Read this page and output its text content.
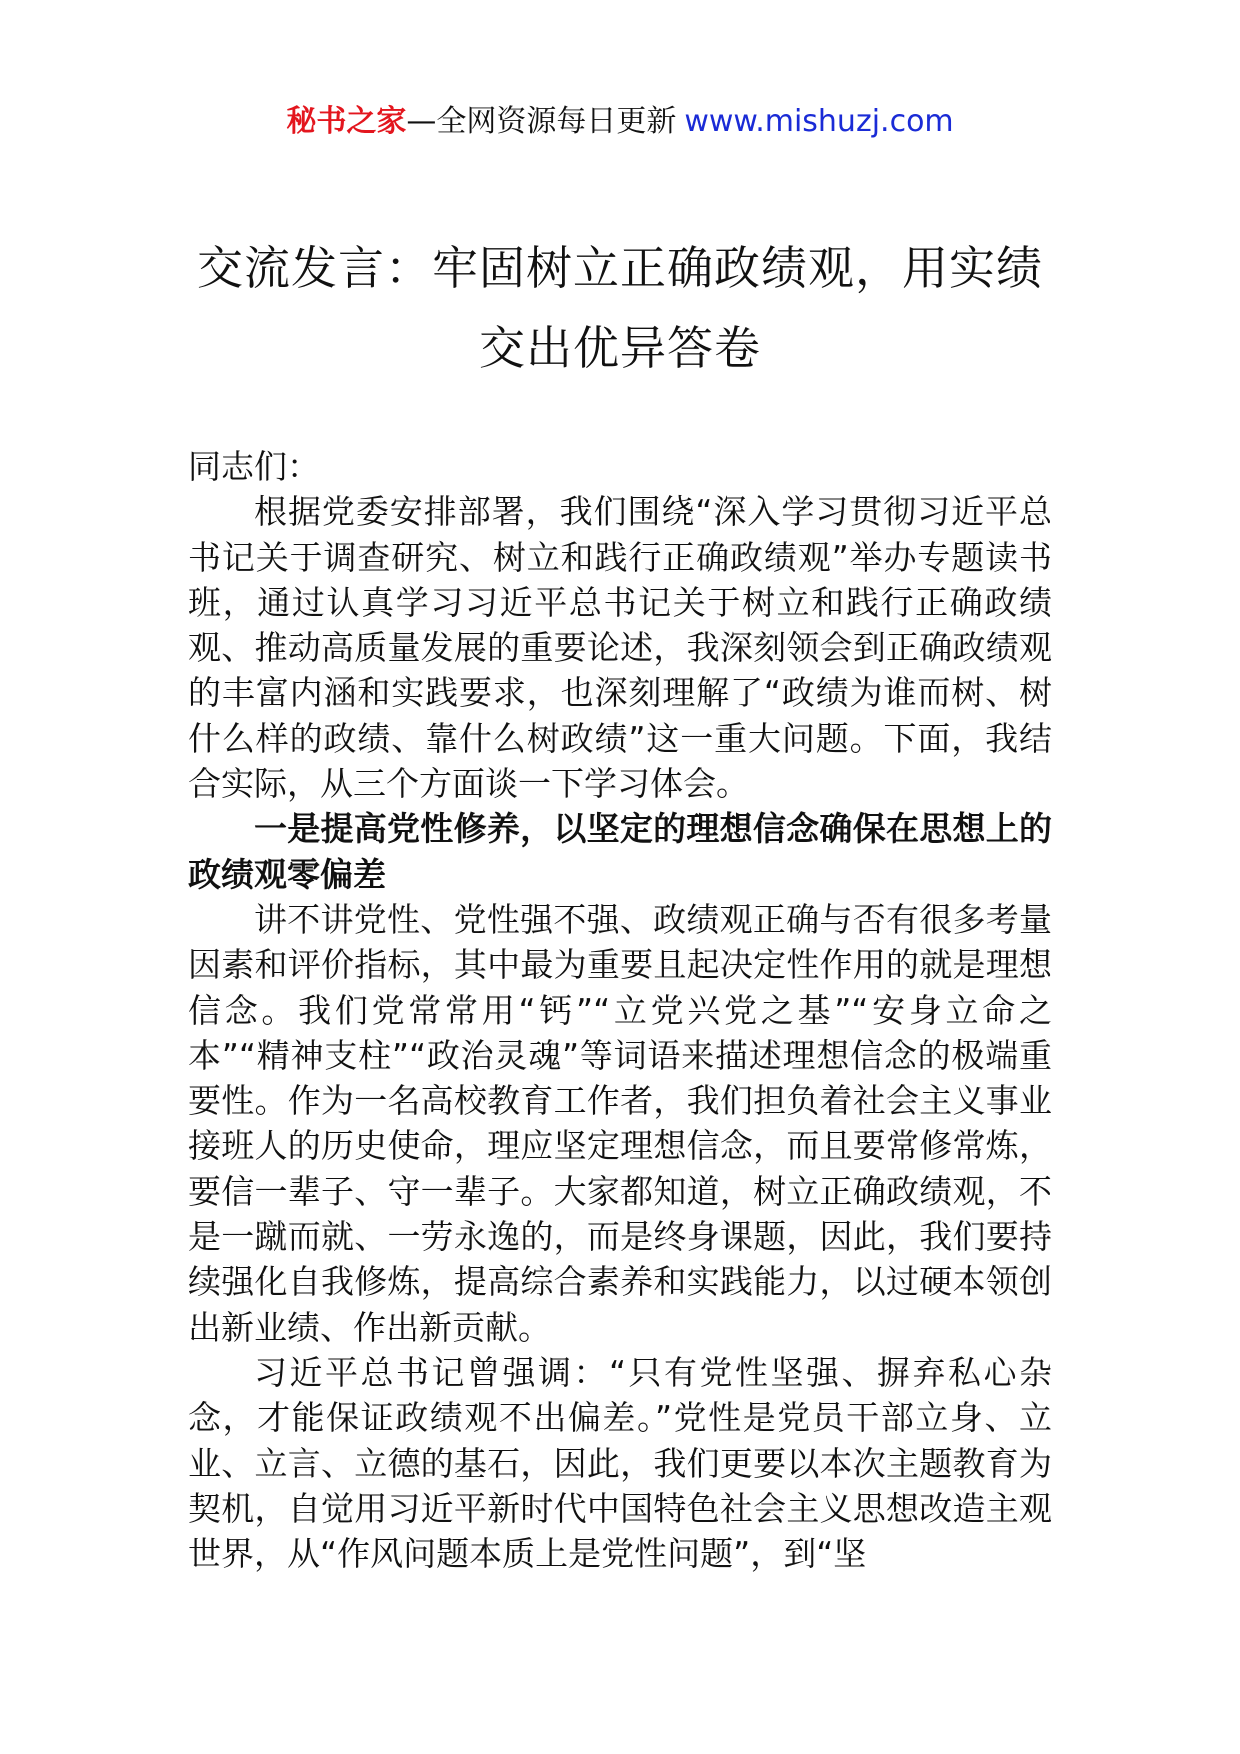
秘书之家—全网资源每日更新 www.mishuzj.com
交流发言：牢固树立正确政绩观，用实绩
交出优异答卷

同志们：

根据党委安排部署，我们围绕“深入学习贯彻习近平总书记关于调查研究、树立和践行正确政绩观”举办专题读书班，通过认真学习习近平总书记关于树立和践行正确政绩观、推动高质量发展的重要论述，我深刻领会到正确政绩观的丰富内涵和实践要求，也深刻理解了“政绩为谁而树、树什么样的政绩、靠什么树政绩”这一重大问题。下面，我结合实际，从三个方面谈一下学习体会。

一是提高党性修养，以坚定的理想信念确保在思想上的政绩观零偏差

讲不讲党性、党性强不强、政绩观正确与否有很多考量因素和评价指标，其中最为重要且起决定性作用的就是理想信念。我们党常常用“钙”“立党兴党之基”“安身立命之本”“精神支柱”“政治灵魂”等词语来描述理想信念的极端重要性。作为一名高校教育工作者，我们担负着社会主义事业接班人的历史使命，理应坚定理想信念，而且要常修常炼，要信一辈子、守一辈子。大家都知道，树立正确政绩观，不是一蹴而就、一劳永逸的，而是终身课题，因此，我们要持续强化自我修炼，提高综合素养和实践能力，以过硬本领创出新业绩、作出新贡献。

习近平总书记曾强调：“只有党性坚强、摒弃私心杂念，才能保证政绩观不出偏差。”党性是党员干部立身、立业、立言、立德的基石，因此，我们更要以本次主题教育为契机，自觉用习近平新时代中国特色社会主义思想改造主观世界，从“作风问题本质上是党性问题”，到“坚
